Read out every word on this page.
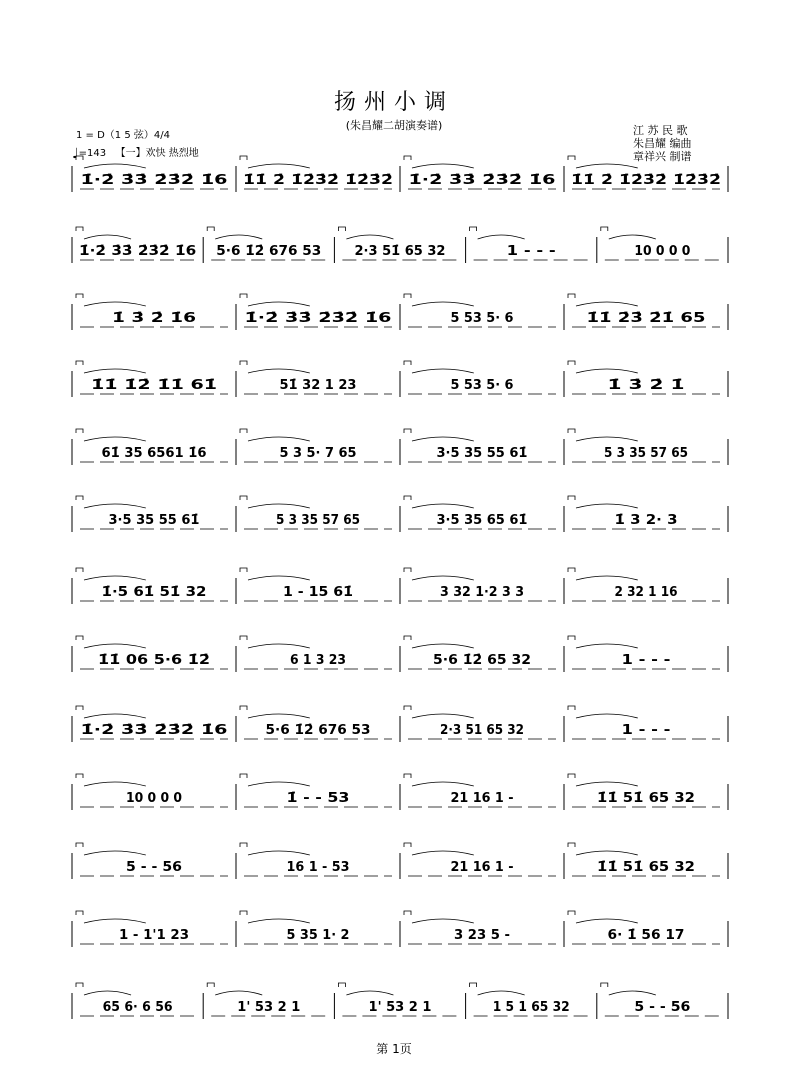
扬州小调
(朱昌耀二胡演奏谱)
1 = D（1 5 弦）4/4
♩=143 【一】欢快 热烈地
江 苏 民 歌
朱昌耀 编曲
章祥兴 制谱
1̇·2̇ 3̇3̇ 2̇3̇2̇ 1̇6 1̇1̇ 2̇ 1̇2̇3̇2̇ 1̇2̇3̇2̇ 1̇·2̇ 3̇3̇ 2̇3̇2̇ 1̇6 1̇1̇ 2̇ 1̇2̇3̇2̇ 1̇2̇3̇2̇
1̇·2̇ 3̇3̇ 2̇3̇2̇ 1̇6 5·6 1̇2̇ 676 53	2·3 51̇ 65 32	1 - - -	10 0 0 0
1̇ 3̇ 2̇ 1̇6	1̇·2̇ 3̇3̇ 2̇3̇2̇ 1̇6	5 53 5· 6	1̇1̇ 2̇3̇ 2̇1̇ 65
1̇1̇ 1̇2̇ 1̇1̇ 61̇	51̇ 32 1 23	5 53 5· 6	1̇ 3̇ 2̇ 1̇
61̇ 35 6561 1̇6	5 3 5· 7 65	3·5 35 55 61̇	5 3 35 57 65
3·5 35 55 61̇	5 3 35 57 65	3·5 35 65 61̇	1̇ 3 2· 3
1̇·5 61̇ 51̇ 32	1 - 15 61̇	3 32 1·2 3 3	2 32 1 16
1̇1̇ 06 5·6 1̇2̇	6 1 3 23	5·6 1̇2̇ 65 32	1 - - -
1̇·2̇ 3̇3̇ 2̇3̇2̇ 1̇6	5·6 1̇2̇ 676 53	2·3 51 65 32	1 - - -
10 0 0 0	1̇ - - 53	21 16 1 -	1̇1̇ 51̇ 65 32
5 - - 56	16 1 - 53	21 16 1 -	1̇1̇ 51̇ 65 32
1 - 1'1 23	5 35 1· 2	3 23 5 -	6· 1̇ 56 17
65 6· 6 56	1' 53 2 1	1' 53 2 1	1 5 1 65 32	5 - - 56
第 1页
